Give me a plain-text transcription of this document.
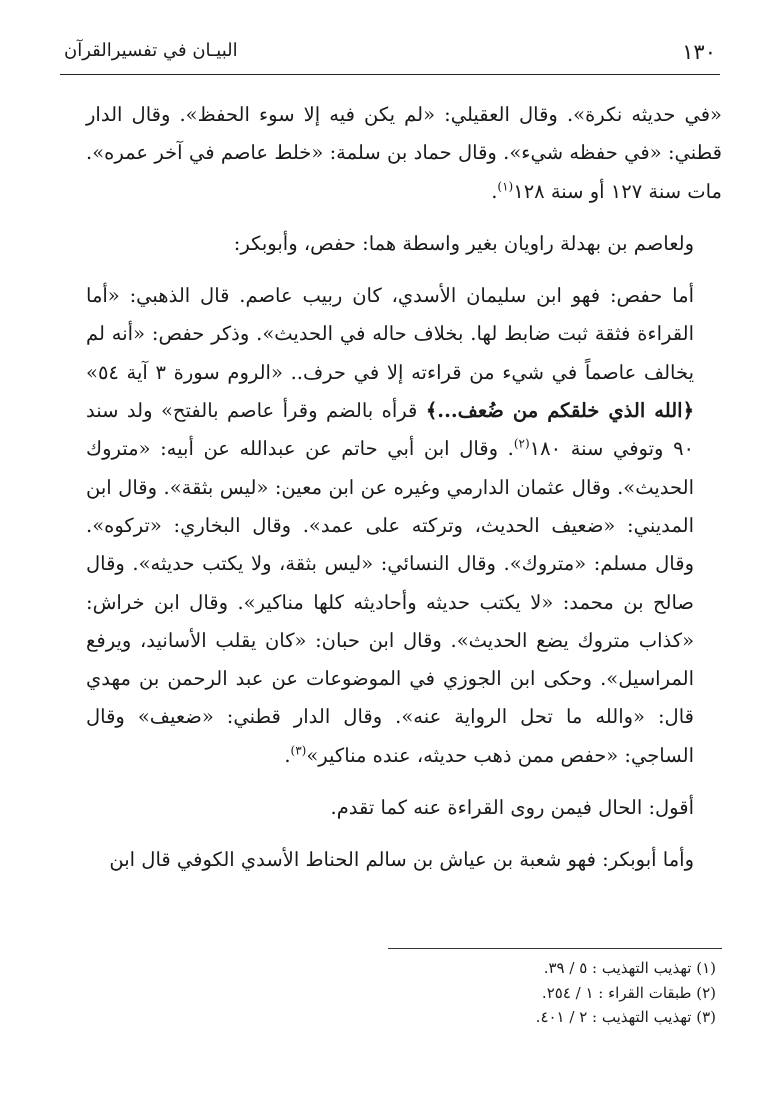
١٣٠
البيـان في تفسيرالقرآن

«في حديثه نكرة». وقال العقيلي: «لم يكن فيه إلا سوء الحفظ». وقال الدار قطني: «في حفظه شيء». وقال حماد بن سلمة: «خلط عاصم في آخر عمره». مات سنة ١٢٧ أو سنة ١٢٨$^{(١)}$.

ولعاصم بن بهدلة راويان بغير واسطة هما: حفص، وأبوبكر:

أما حفص: فهو ابن سليمان الأسدي، كان ربيب عاصم. قال الذهبي: «أما القراءة فثقة ثبت ضابط لها. بخلاف حاله في الحديث». وذكر حفص: «أنه لم يخالف عاصماً في شيء من قراءته إلا في حرف.. «الروم سورة ٣ آية ٥٤» ﴿الله الذي خلقكم من ضُعف...﴾ قرأه بالضم وقرأ عاصم بالفتح» ولد سند ٩٠ وتوفي سنة ١٨٠$^{(٢)}$. وقال ابن أبي حاتم عن عبدالله عن أبيه: «متروك الحديث». وقال عثمان الدارمي وغيره عن ابن معين: «ليس بثقة». وقال ابن المديني: «ضعيف الحديث، وتركته على عمد». وقال البخاري: «تركوه». وقال مسلم: «متروك». وقال النسائي: «ليس بثقة، ولا يكتب حديثه». وقال صالح بن محمد: «لا يكتب حديثه وأحاديثه كلها مناكير». وقال ابن خراش: «كذاب متروك يضع الحديث». وقال ابن حبان: «كان يقلب الأسانيد، ويرفع المراسيل». وحكى ابن الجوزي في الموضوعات عن عبد الرحمن بن مهدي قال: «والله ما تحل الرواية عنه». وقال الدار قطني: «ضعيف» وقال الساجي: «حفص ممن ذهب حديثه، عنده مناكير»$^{(٣)}$.

أقول: الحال فيمن روى القراءة عنه كما تقدم.

وأما أبوبكر: فهو شعبة بن عياش بن سالم الحناط الأسدي الكوفي قال ابن

(١) تهذيب التهذيب : ٥ / ٣٩.
(٢) طبقات القراء : ١ / ٢٥٤.
(٣) تهذيب التهذيب : ٢ / ٤٠١.
